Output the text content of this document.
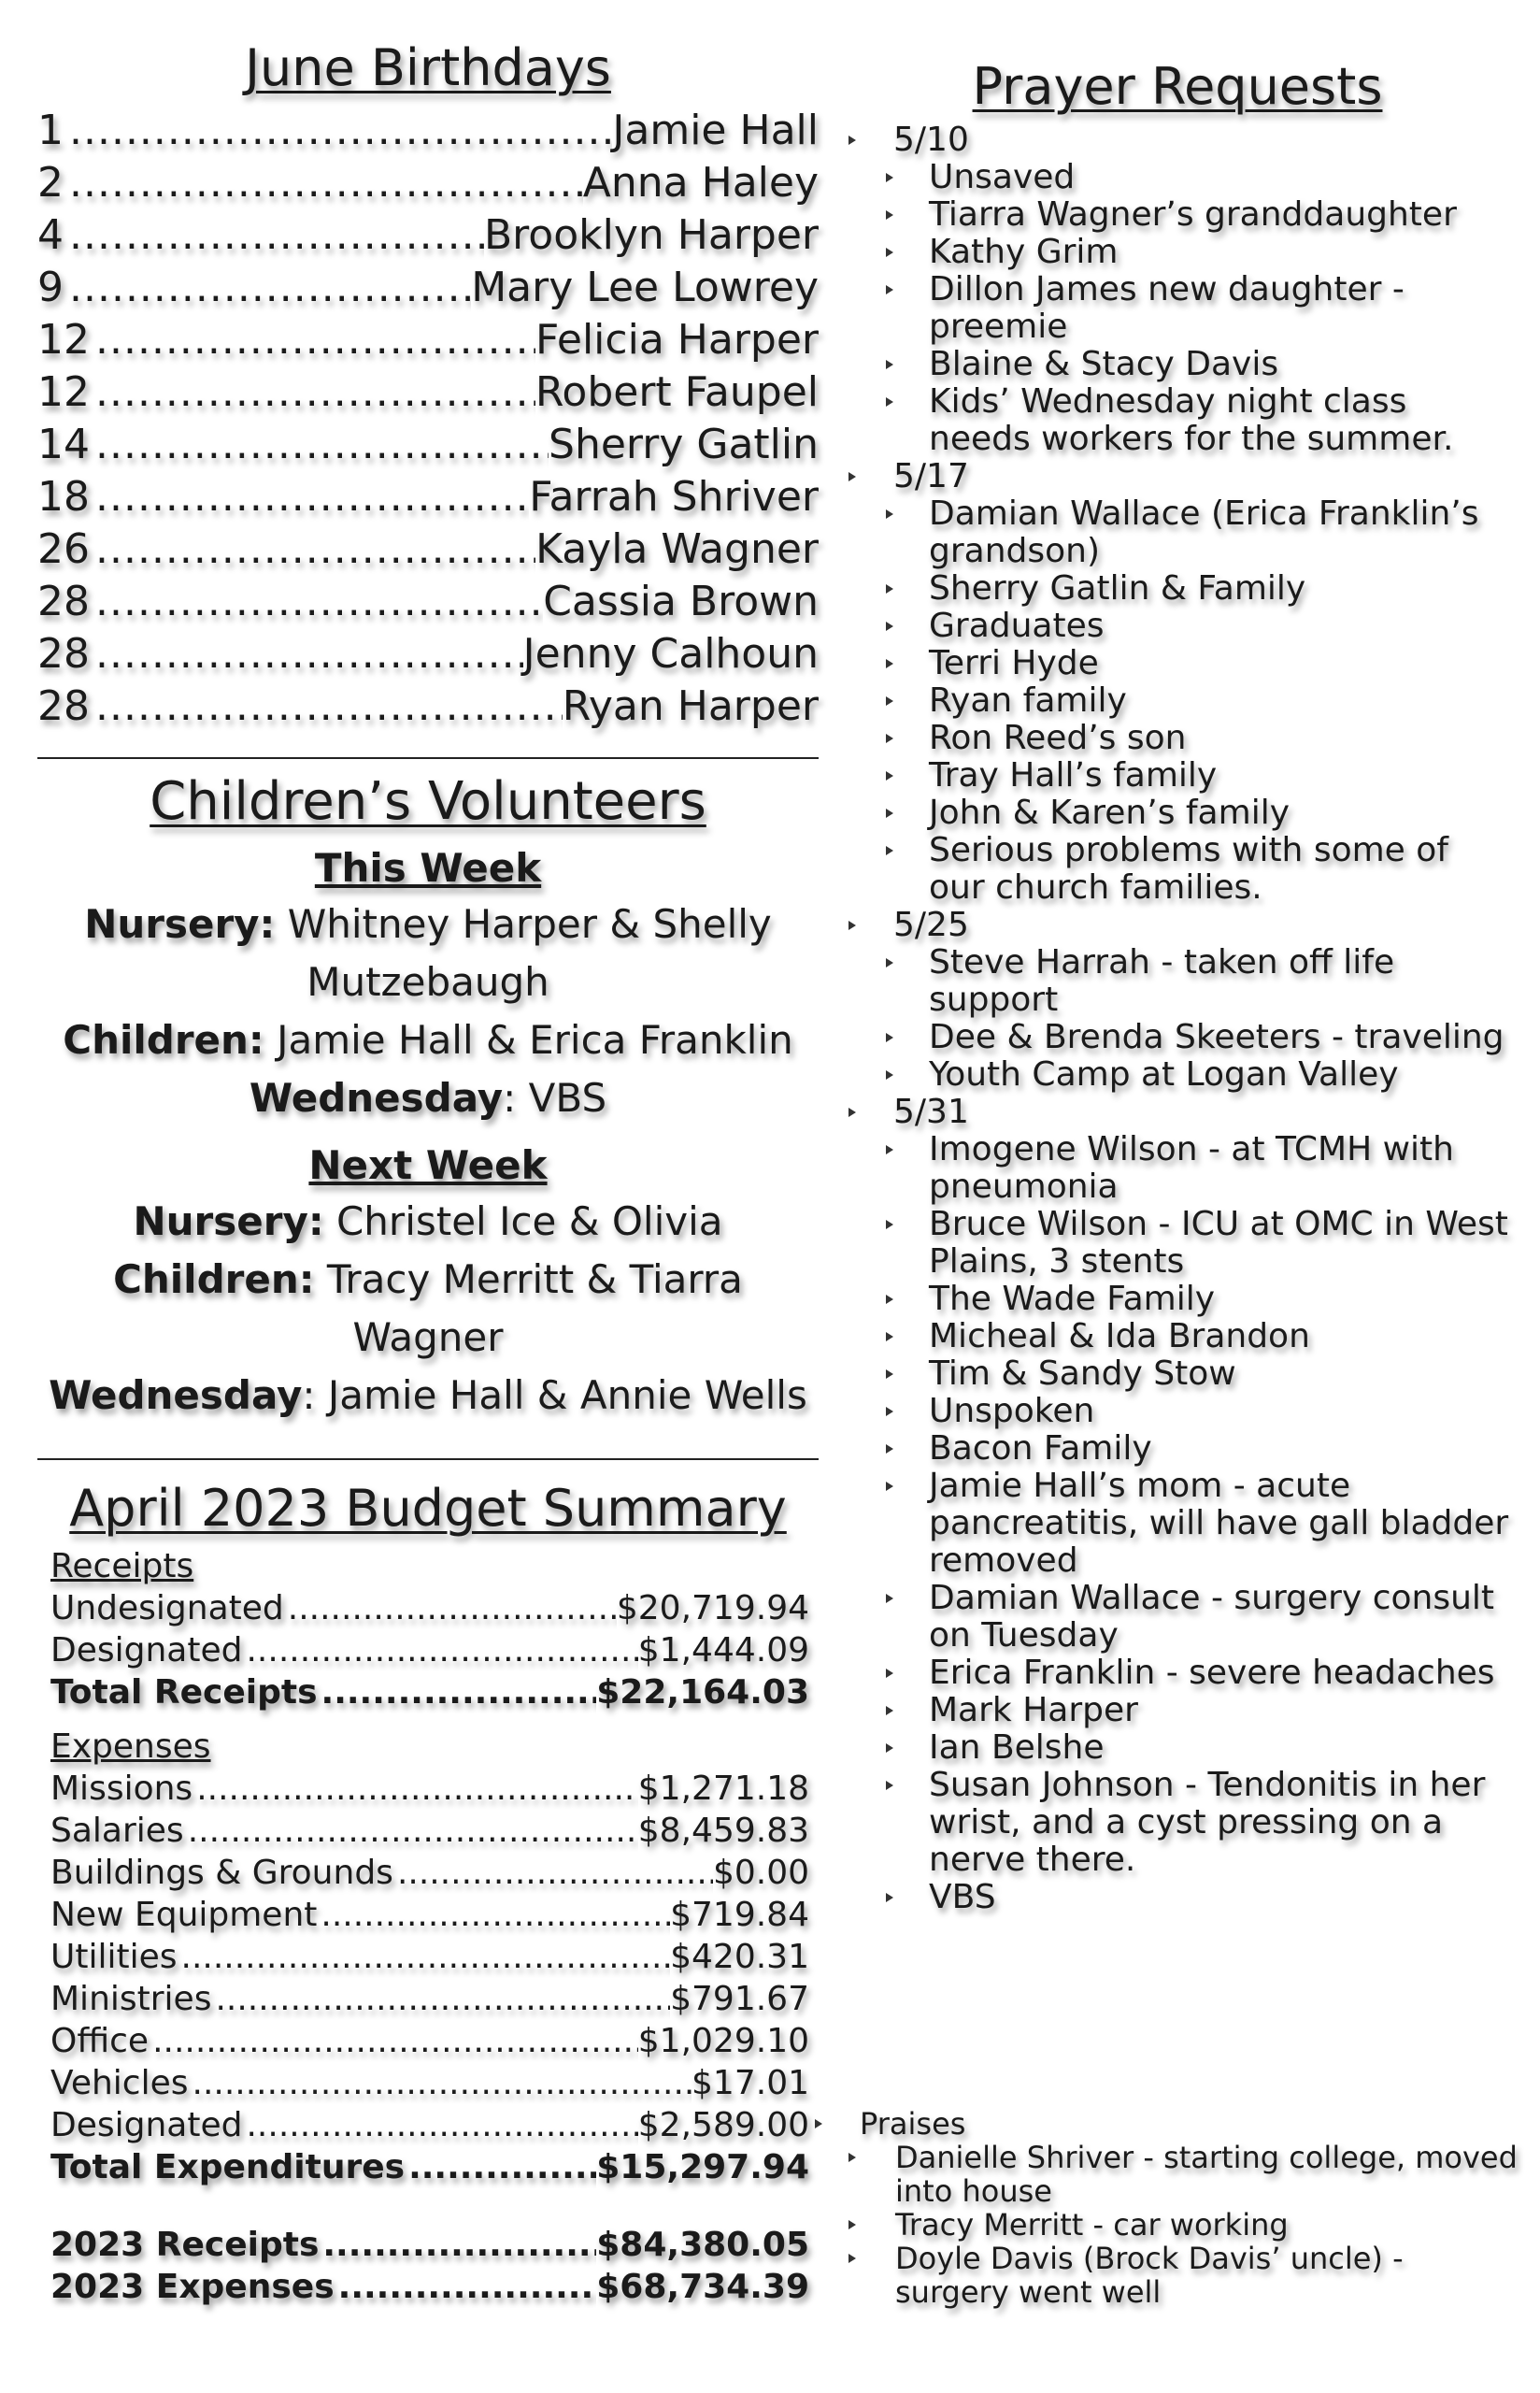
June Birthdays
1 .....	Jamie Hall
2 .....	Anna Haley
4 .....	Brooklyn Harper
9 .....	Mary Lee Lowrey
12 .....	Felicia Harper
12 .....	Robert Faupel
14 .....	Sherry Gatlin
18 .....	Farrah Shriver
26 .....	Kayla Wagner
28 .....	Cassia Brown
28 .....	Jenny Calhoun
28 .....	Ryan Harper
Children’s Volunteers
This Week
Nursery: Whitney Harper & Shelly Mutzebaugh
Children: Jamie Hall & Erica Franklin
Wednesday: VBS
Next Week
Nursery: Christel Ice & Olivia
Children: Tracy Merritt & Tiarra Wagner
Wednesday: Jamie Hall & Annie Wells
April 2023 Budget Summary
Receipts
Undesignated .....	$20,719.94
Designated .....	$1,444.09
Total Receipts .....	$22,164.03
Expenses
Missions .....	$1,271.18
Salaries .....	$8,459.83
Buildings & Grounds .....	$0.00
New Equipment .....	$719.84
Utilities .....	$420.31
Ministries .....	$791.67
Office .....	$1,029.10
Vehicles .....	$17.01
Designated .....	$2,589.00
Total Expenditures .....	$15,297.94
2023 Receipts .....	$84,380.05
2023 Expenses .....	$68,734.39
Prayer Requests
5/10
Unsaved
Tiarra Wagner’s granddaughter
Kathy Grim
Dillon James new daughter - preemie
Blaine & Stacy Davis
Kids’ Wednesday night class needs workers for the summer.
5/17
Damian Wallace (Erica Franklin’s grandson)
Sherry Gatlin & Family
Graduates
Terri Hyde
Ryan family
Ron Reed’s son
Tray Hall’s family
John & Karen’s family
Serious problems with some of our church families.
5/25
Steve Harrah - taken off life support
Dee & Brenda Skeeters - traveling
Youth Camp at Logan Valley
5/31
Imogene Wilson - at TCMH with pneumonia
Bruce Wilson - ICU at OMC in West Plains, 3 stents
The Wade Family
Micheal & Ida Brandon
Tim & Sandy Stow
Unspoken
Bacon Family
Jamie Hall’s mom - acute pancreatitis, will have gall bladder removed
Damian Wallace - surgery consult on Tuesday
Erica Franklin - severe headaches
Mark Harper
Ian Belshe
Susan Johnson - Tendonitis in her wrist, and a cyst pressing on a nerve there.
VBS
Praises
Danielle Shriver - starting college, moved into house
Tracy Merritt - car working
Doyle Davis (Brock Davis’ uncle) - surgery went well
